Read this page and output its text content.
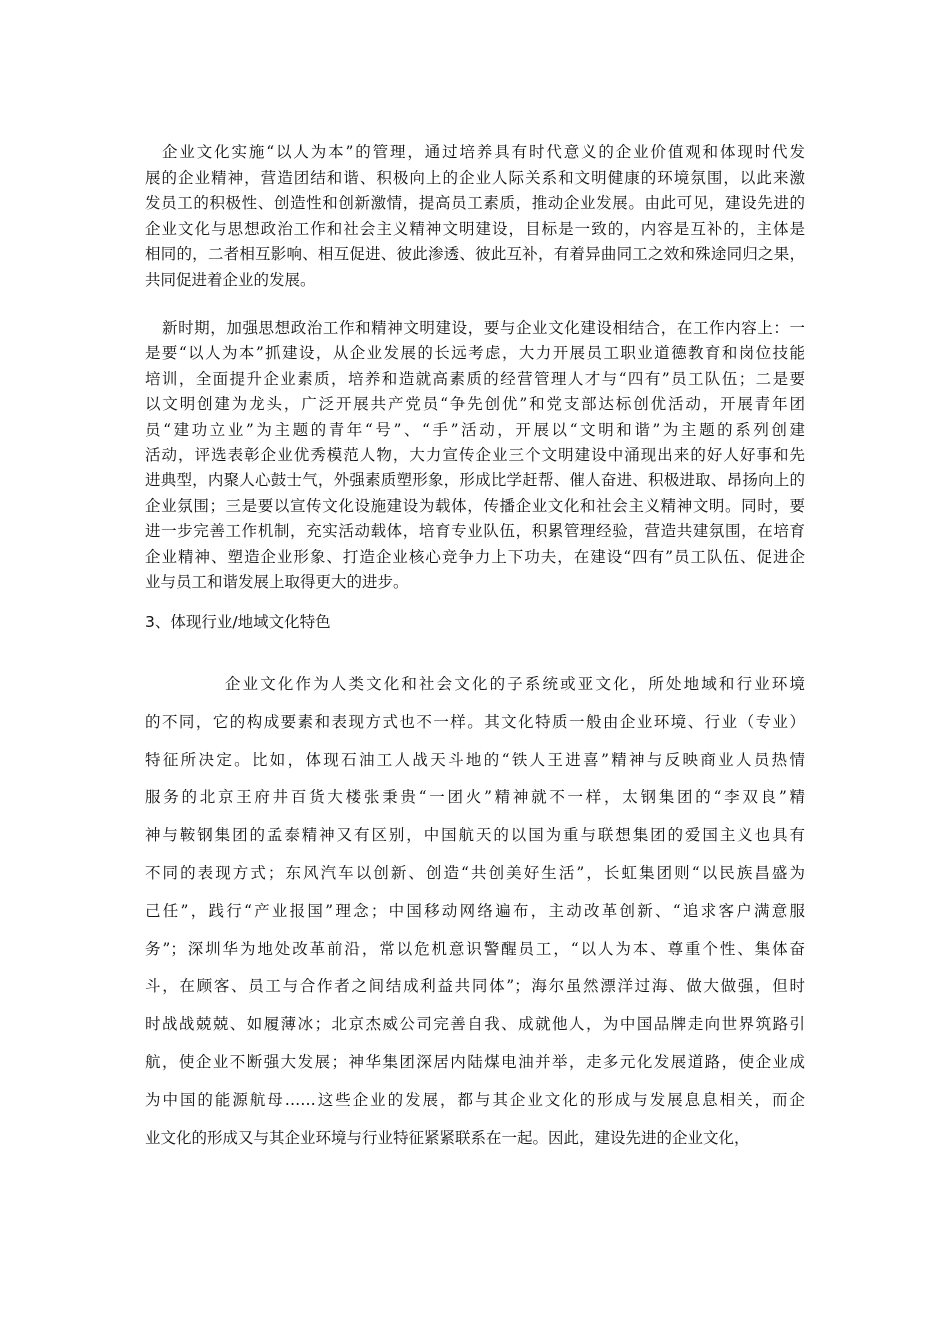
企业文化实施“以人为本”的管理，通过培养具有时代意义的企业价值观和体现时代发
展的企业精神，营造团结和谐、积极向上的企业人际关系和文明健康的环境氛围，以此来激
发员工的积极性、创造性和创新激情，提高员工素质，推动企业发展。由此可见，建设先进的
企业文化与思想政治工作和社会主义精神文明建设，目标是一致的，内容是互补的，主体是
相同的，二者相互影响、相互促进、彼此渗透、彼此互补，有着异曲同工之效和殊途同归之果，
共同促进着企业的发展。
新时期，加强思想政治工作和精神文明建设，要与企业文化建设相结合，在工作内容上：一
是要“以人为本”抓建设，从企业发展的长远考虑，大力开展员工职业道德教育和岗位技能
培训，全面提升企业素质，培养和造就高素质的经营管理人才与“四有”员工队伍；二是要
以文明创建为龙头，广泛开展共产党员“争先创优”和党支部达标创优活动，开展青年团
员“建功立业”为主题的青年“号”、“手”活动，开展以“文明和谐”为主题的系列创建
活动，评选表彰企业优秀模范人物，大力宣传企业三个文明建设中涌现出来的好人好事和先
进典型，内聚人心鼓士气，外强素质塑形象，形成比学赶帮、催人奋进、积极进取、昂扬向上的
企业氛围；三是要以宣传文化设施建设为载体，传播企业文化和社会主义精神文明。同时，要
进一步完善工作机制，充实活动载体，培育专业队伍，积累管理经验，营造共建氛围，在培育
企业精神、塑造企业形象、打造企业核心竞争力上下功夫，在建设“四有”员工队伍、促进企
业与员工和谐发展上取得更大的进步。
3、体现行业/地域文化特色
企业文化作为人类文化和社会文化的子系统或亚文化，所处地域和行业环境
的不同，它的构成要素和表现方式也不一样。其文化特质一般由企业环境、行业（专业）
特征所决定。比如，体现石油工人战天斗地的“铁人王进喜”精神与反映商业人员热情
服务的北京王府井百货大楼张秉贵“一团火”精神就不一样，太钢集团的“李双良”精
神与鞍钢集团的孟泰精神又有区别，中国航天的以国为重与联想集团的爱国主义也具有
不同的表现方式；东风汽车以创新、创造“共创美好生活”，长虹集团则“以民族昌盛为
己任”，践行“产业报国”理念；中国移动网络遍布，主动改革创新、“追求客户满意服
务”；深圳华为地处改革前沿，常以危机意识警醒员工，“以人为本、尊重个性、集体奋
斗，在顾客、员工与合作者之间结成利益共同体”；海尔虽然漂洋过海、做大做强，但时
时战战兢兢、如履薄冰；北京杰威公司完善自我、成就他人，为中国品牌走向世界筑路引
航，使企业不断强大发展；神华集团深居内陆煤电油并举，走多元化发展道路，使企业成
为中国的能源航母……这些企业的发展，都与其企业文化的形成与发展息息相关，而企
业文化的形成又与其企业环境与行业特征紧紧联系在一起。因此，建设先进的企业文化，
